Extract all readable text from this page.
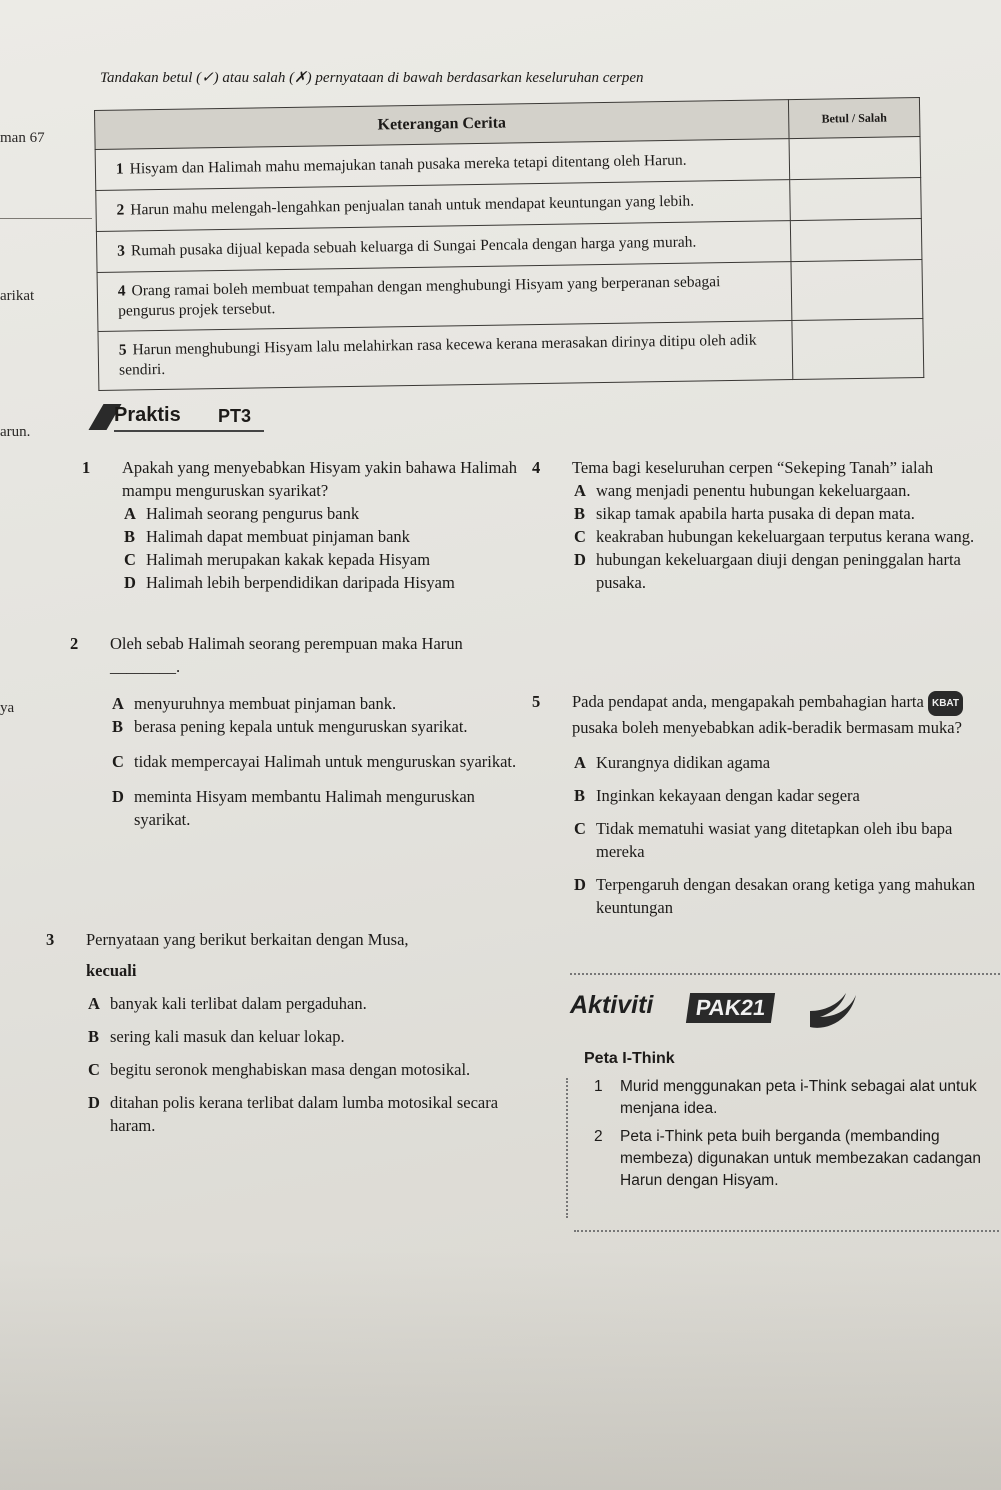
Tandakan betul (✓) atau salah (✗) pernyataan di bawah berdasarkan keseluruhan cerpen
man 67
arikat
arun.
ya
Keterangan Cerita	Betul / Salah
1 Hisyam dan Halimah mahu memajukan tanah pusaka mereka tetapi ditentang oleh Harun.	
2 Harun mahu melengah-lengahkan penjualan tanah untuk mendapat keuntungan yang lebih.	
3 Rumah pusaka dijual kepada sebuah keluarga di Sungai Pencala dengan harga yang murah.	
4 Orang ramai boleh membuat tempahan dengan menghubungi Hisyam yang berperanan sebagai pengurus projek tersebut.	
5 Harun menghubungi Hisyam lalu melahirkan rasa kecewa kerana merasakan dirinya ditipu oleh adik sendiri.	
Praktis PT3
1 Apakah yang menyebabkan Hisyam yakin bahawa Halimah mampu menguruskan syarikat?
A Halimah seorang pengurus bank
B Halimah dapat membuat pinjaman bank
C Halimah merupakan kakak kepada Hisyam
D Halimah lebih berpendidikan daripada Hisyam
2 Oleh sebab Halimah seorang perempuan maka Harun ________.
A menyuruhnya membuat pinjaman bank.
B berasa pening kepala untuk menguruskan syarikat.
C tidak mempercayai Halimah untuk menguruskan syarikat.
D meminta Hisyam membantu Halimah menguruskan syarikat.
3 Pernyataan yang berikut berkaitan dengan Musa,
kecuali
A banyak kali terlibat dalam pergaduhan.
B sering kali masuk dan keluar lokap.
C begitu seronok menghabiskan masa dengan motosikal.
D ditahan polis kerana terlibat dalam lumba motosikal secara haram.
4 Tema bagi keseluruhan cerpen “Sekeping Tanah” ialah
A wang menjadi penentu hubungan kekeluargaan.
B sikap tamak apabila harta pusaka di depan mata.
C keakraban hubungan kekeluargaan terputus kerana wang.
D hubungan kekeluargaan diuji dengan peninggalan harta pusaka.
5 Pada pendapat anda, mengapakah pembahagian harta KBAT pusaka boleh menyebabkan adik-beradik bermasam muka?
A Kurangnya didikan agama
B Inginkan kekayaan dengan kadar segera
C Tidak mematuhi wasiat yang ditetapkan oleh ibu bapa mereka
D Terpengaruh dengan desakan orang ketiga yang mahukan keuntungan
Aktiviti	PAK21
Peta I-Think
1 Murid menggunakan peta i-Think sebagai alat untuk menjana idea.
2 Peta i-Think peta buih berganda (membanding membeza) digunakan untuk membezakan cadangan Harun dengan Hisyam.
